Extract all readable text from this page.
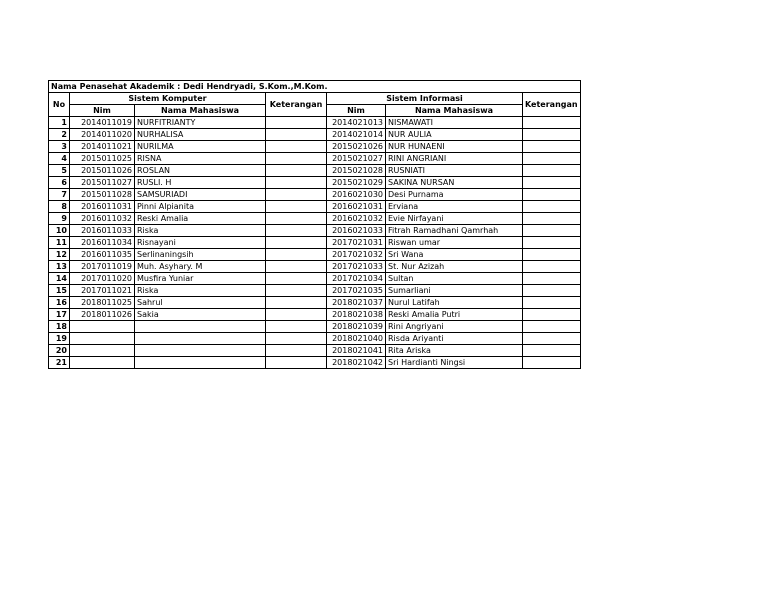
Nama Penasehat Akademik : Dedi Hendryadi, S.Kom.,M.Kom.						
No	Sistem Komputer		Keterangan	Sistem Informasi		Keterangan
	Nim	Nama Mahasiswa		Nim	Nama Mahasiswa	
1	2014011019	NURFITRIANTY		2014021013	NISMAWATI	
2	2014011020	NURHALISA		2014021014	NUR AULIA	
3	2014011021	NURILMA		2015021026	NUR HUNAENI	
4	2015011025	RISNA		2015021027	RINI ANGRIANI	
5	2015011026	ROSLAN		2015021028	RUSNIATI	
6	2015011027	RUSLI. H		2015021029	SAKINA NURSAN	
7	2015011028	SAMSURIADI		2016021030	Desi Purnama	
8	2016011031	Pinni Alpianita		2016021031	Erviana	
9	2016011032	Reski Amalia		2016021032	Evie Nirfayani	
10	2016011033	Riska		2016021033	Fitrah Ramadhani Qamrhah	
11	2016011034	Risnayani		2017021031	Riswan umar	
12	2016011035	Serlinaningsih		2017021032	Sri Wana	
13	2017011019	Muh. Asyhary. M		2017021033	St. Nur Azizah	
14	2017011020	Musfira Yuniar		2017021034	Sultan	
15	2017011021	Riska		2017021035	Sumarliani	
16	2018011025	Sahrul		2018021037	Nurul Latifah	
17	2018011026	Sakia		2018021038	Reski Amalia Putri	
18				2018021039	Rini Angriyani	
19				2018021040	Risda Ariyanti	
20				2018021041	Rita Ariska	
21				2018021042	Sri Hardianti Ningsi	
